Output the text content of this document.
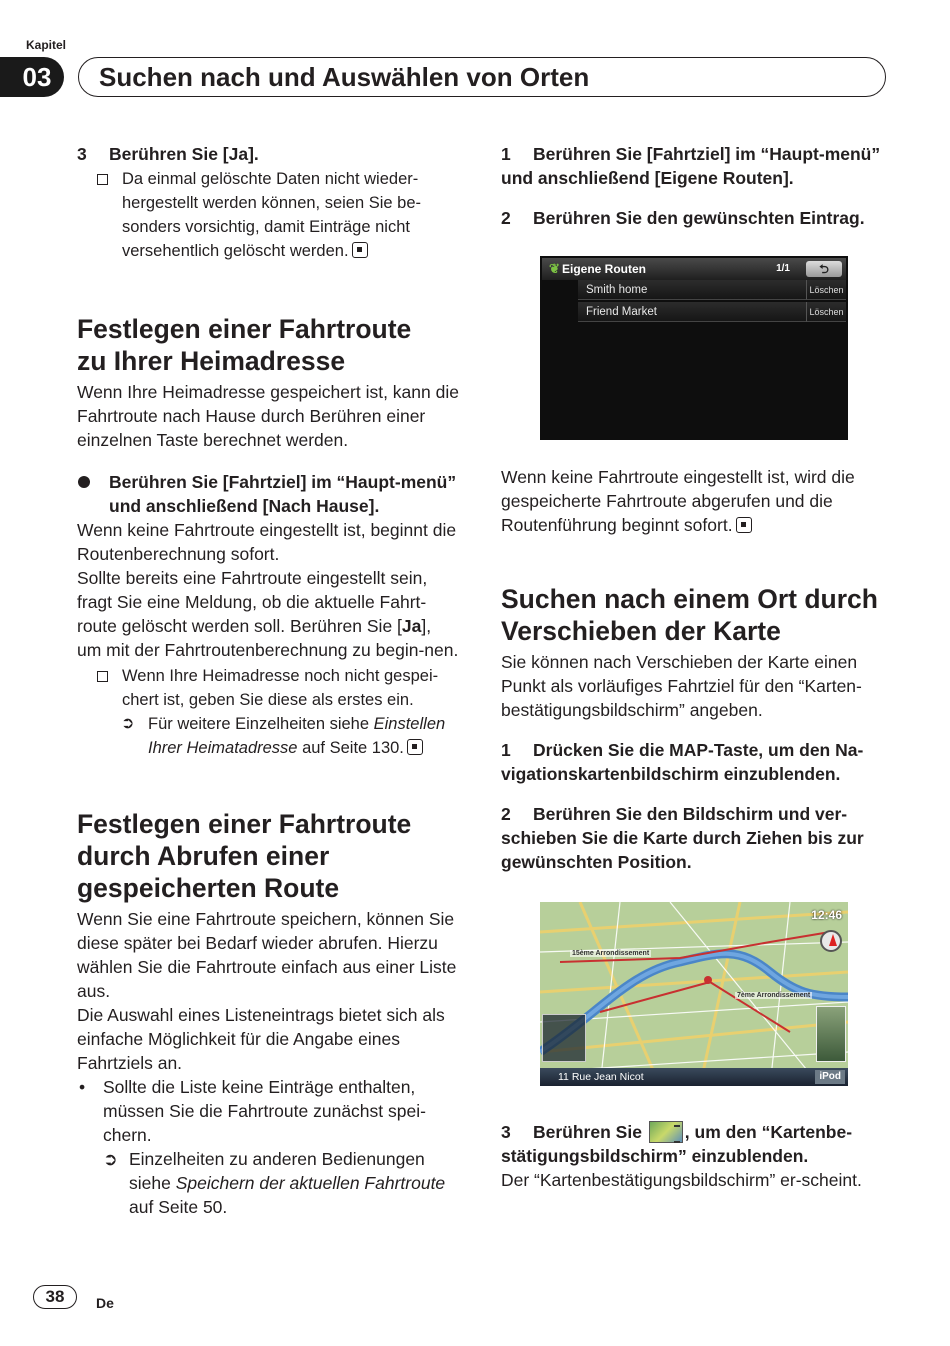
Kapitel
03	Suchen nach und Auswählen von Orten
3 Berühren Sie [Ja].
Da einmal gelöschte Daten nicht wieder-hergestellt werden können, seien Sie be-sonders vorsichtig, damit Einträge nicht versehentlich gelöscht werden.
Festlegen einer Fahrtroute
zu Ihrer Heimadresse

Wenn Ihre Heimadresse gespeichert ist, kann die Fahrtroute nach Hause durch Berühren einer einzelnen Taste berechnet werden.

Berühren Sie [Fahrtziel] im “Haupt-menü” und anschließend [Nach Hause].

Wenn keine Fahrtroute eingestellt ist, beginnt die Routenberechnung sofort.

Sollte bereits eine Fahrtroute eingestellt sein, fragt Sie eine Meldung, ob die aktuelle Fahrt-route gelöscht werden soll. Berühren Sie [Ja], um mit der Fahrtroutenberechnung zu begin-nen.

Wenn Ihre Heimadresse noch nicht gespei-chert ist, geben Sie diese als erstes ein.
➲ Für weitere Einzelheiten siehe Einstellen Ihrer Heimatadresse auf Seite 130.
Festlegen einer Fahrtroute
durch Abrufen einer
gespeicherten Route

Wenn Sie eine Fahrtroute speichern, können Sie diese später bei Bedarf wieder abrufen. Hierzu wählen Sie die Fahrtroute einfach aus einer Liste aus.

Die Auswahl eines Listeneintrags bietet sich als einfache Möglichkeit für die Angabe eines Fahrtziels an.

• Sollte die Liste keine Einträge enthalten, müssen Sie die Fahrtroute zunächst spei-chern.
➲ Einzelheiten zu anderen Bedienungen siehe Speichern der aktuellen Fahrtroute auf Seite 50.
1 Berühren Sie [Fahrtziel] im “Haupt-menü” und anschließend [Eigene Routen].
2 Berühren Sie den gewünschten Eintrag.

Wenn keine Fahrtroute eingestellt ist, wird die gespeicherte Fahrtroute abgerufen und die Routenführung beginnt sofort.

Suchen nach einem Ort durch
Verschieben der Karte

Sie können nach Verschieben der Karte einen Punkt als vorläufiges Fahrtziel für den “Karten-bestätigungsbildschirm” angeben.

1 Drücken Sie die MAP-Taste, um den Na-vigationskartenbildschirm einzublenden.
2 Berühren Sie den Bildschirm und ver-schieben Sie die Karte durch Ziehen bis zur gewünschten Position.
3 Berühren Sie , um den “Kartenbe-stätigungsbildschirm” einzublenden.

Der “Kartenbestätigungsbildschirm” er-scheint.

❦ Eigene Routen	1/1	⮌
Smith home	Löschen
Friend Market	Löschen
15ème Arrondissement
7ème Arrondissement
12:46
11 Rue Jean Nicot	iPod
38	De
